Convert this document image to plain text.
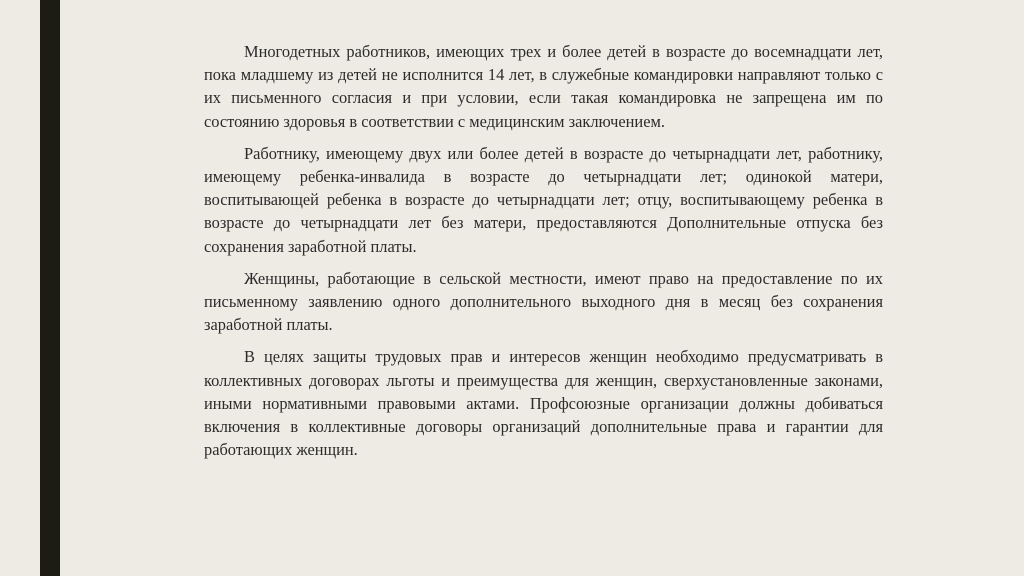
Многодетных работников, имеющих трех и более детей в возрасте до восемнадцати лет, пока младшему из детей не исполнится 14 лет, в служебные командировки направляют только с их письменного согласия и при условии, если такая командировка не запрещена им по состоянию здоровья в соответствии с медицинским заключением.

Работнику, имеющему двух или более детей в возрасте до четырнадцати лет, работнику, имеющему ребенка-инвалида в возрасте до четырнадцати лет; одинокой матери, воспитывающей ребенка в возрасте до четырнадцати лет; отцу, воспитывающему ребенка в возрасте до четырнадцати лет без матери, предоставляются Дополнительные отпуска без сохранения заработной платы.

Женщины, работающие в сельской местности, имеют право на предоставление по их письменному заявлению одного дополнительного выходного дня в месяц без сохранения заработной платы.

В целях защиты трудовых прав и интересов женщин необходимо предусматривать в коллективных договорах льготы и преимущества для женщин, сверхустановленные законами, иными нормативными правовыми актами. Профсоюзные организации должны добиваться включения в коллективные договоры организаций дополнительные права и гарантии для работающих женщин.
